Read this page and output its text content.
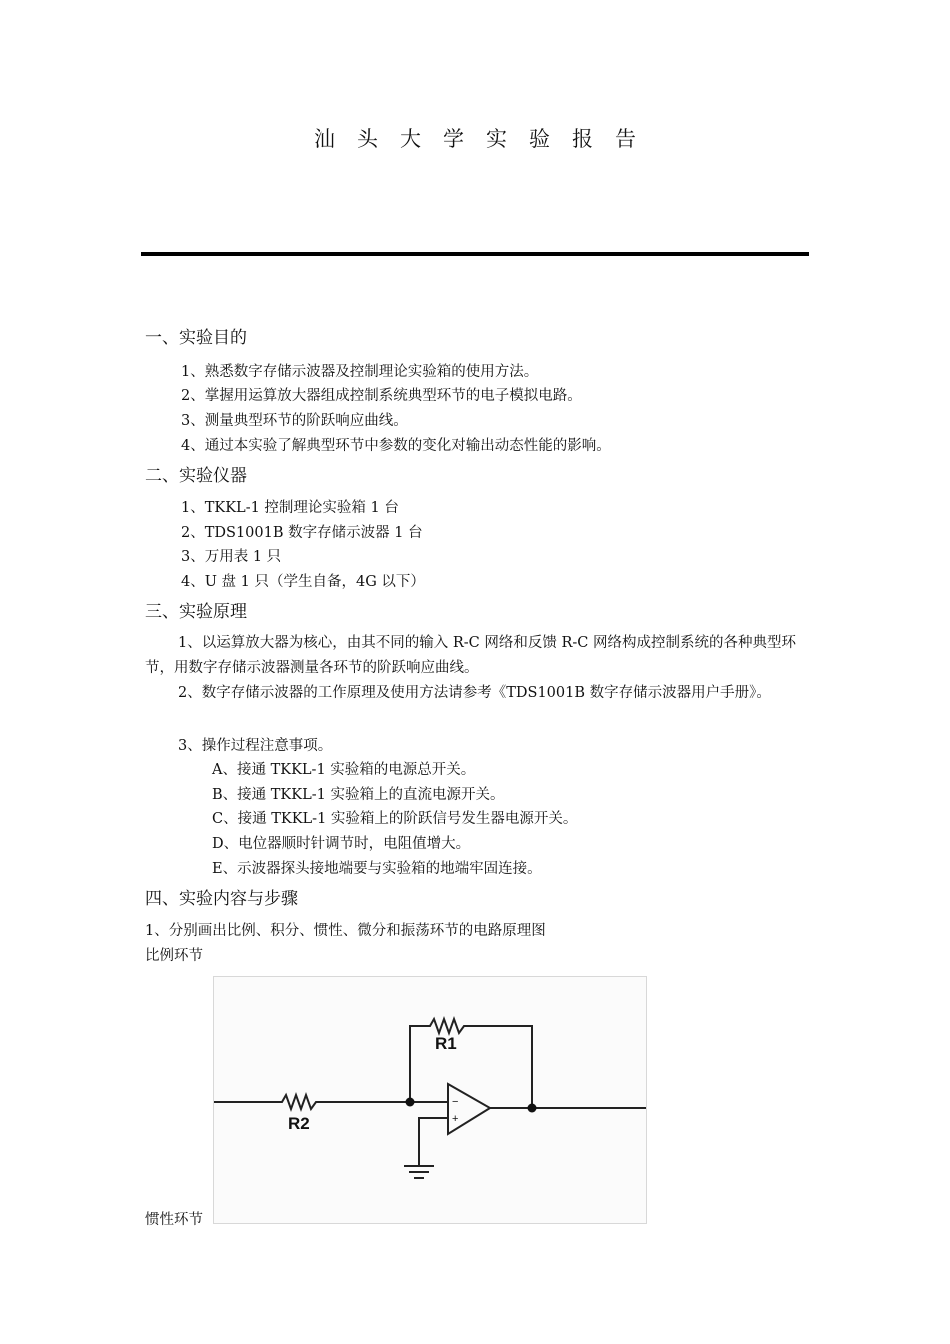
汕头大学实验报告
一、实验目的
1、熟悉数字存储示波器及控制理论实验箱的使用方法。
2、掌握用运算放大器组成控制系统典型环节的电子模拟电路。
3、测量典型环节的阶跃响应曲线。
4、通过本实验了解典型环节中参数的变化对输出动态性能的影响。
二、实验仪器
1、TKKL-1 控制理论实验箱 1 台
2、TDS1001B 数字存储示波器 1 台
3、万用表 1 只
4、U 盘 1 只（学生自备，4G 以下）
三、实验原理
1、以运算放大器为核心，由其不同的输入 R-C 网络和反馈 R-C 网络构成控制系统的各种典型环节，用数字存储示波器测量各环节的阶跃响应曲线。
2、数字存储示波器的工作原理及使用方法请参考《TDS1001B 数字存储示波器用户手册》。
3、操作过程注意事项。
A、接通 TKKL-1 实验箱的电源总开关。
B、接通 TKKL-1 实验箱上的直流电源开关。
C、接通 TKKL-1 实验箱上的阶跃信号发生器电源开关。
D、电位器顺时针调节时，电阻值增大。
E、示波器探头接地端要与实验箱的地端牢固连接。
四、实验内容与步骤
1、分别画出比例、积分、惯性、微分和振荡环节的电路原理图
比例环节
R1
R2
−
+
惯性环节
